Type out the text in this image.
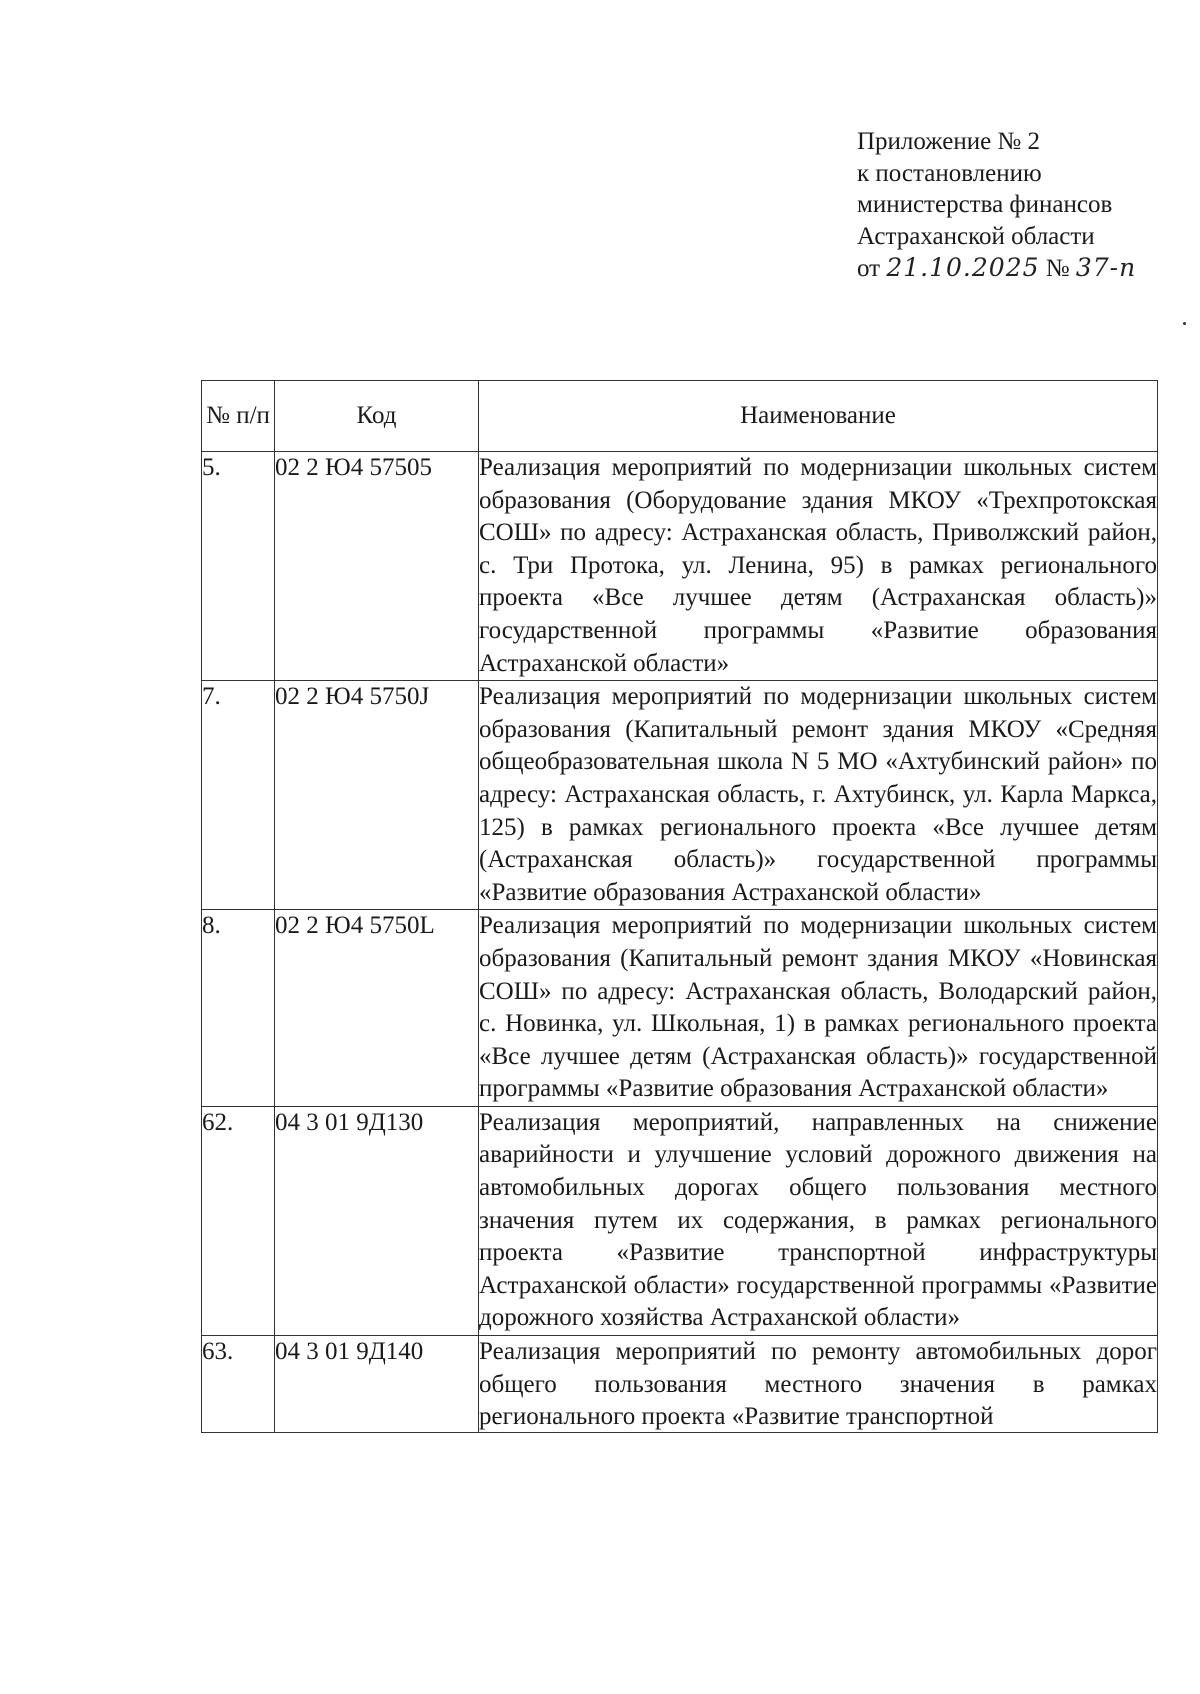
Приложение № 2
к постановлению
министерства финансов
Астраханской области
от 21.10.2025 № 37-п
№ п/п	Код	Наименование
5.	02 2 Ю4 57505	Реализация мероприятий по модернизации школьных систем образования (Оборудование здания МКОУ «Трехпротокская СОШ» по адресу: Астраханская область, Приволжский район, с. Три Протока, ул. Ленина, 95) в рамках регионального проекта «Все лучшее детям (Астраханская область)» государственной программы «Развитие образования Астраханской области»
7.	02 2 Ю4 5750J	Реализация мероприятий по модернизации школьных систем образования (Капитальный ремонт здания МКОУ «Средняя общеобразовательная школа N 5 МО «Ахтубинский район» по адресу: Астраханская область, г. Ахтубинск, ул. Карла Маркса, 125) в рамках регионального проекта «Все лучшее детям (Астраханская область)» государственной программы «Развитие образования Астраханской области»
8.	02 2 Ю4 5750L	Реализация мероприятий по модернизации школьных систем образования (Капитальный ремонт здания МКОУ «Новинская СОШ» по адресу: Астраханская область, Володарский район, с. Новинка, ул. Школьная, 1) в рамках регионального проекта «Все лучшее детям (Астраханская область)» государственной программы «Развитие образования Астраханской области»
62.	04 3 01 9Д130	Реализация мероприятий, направленных на снижение аварийности и улучшение условий дорожного движения на автомобильных дорогах общего пользования местного значения путем их содержания, в рамках регионального проекта «Развитие транспортной инфраструктуры Астраханской области» государственной программы «Развитие дорожного хозяйства Астраханской области»
63.	04 3 01 9Д140	Реализация мероприятий по ремонту автомобильных дорог общего пользования местного значения в рамках регионального проекта «Развитие транспортной
